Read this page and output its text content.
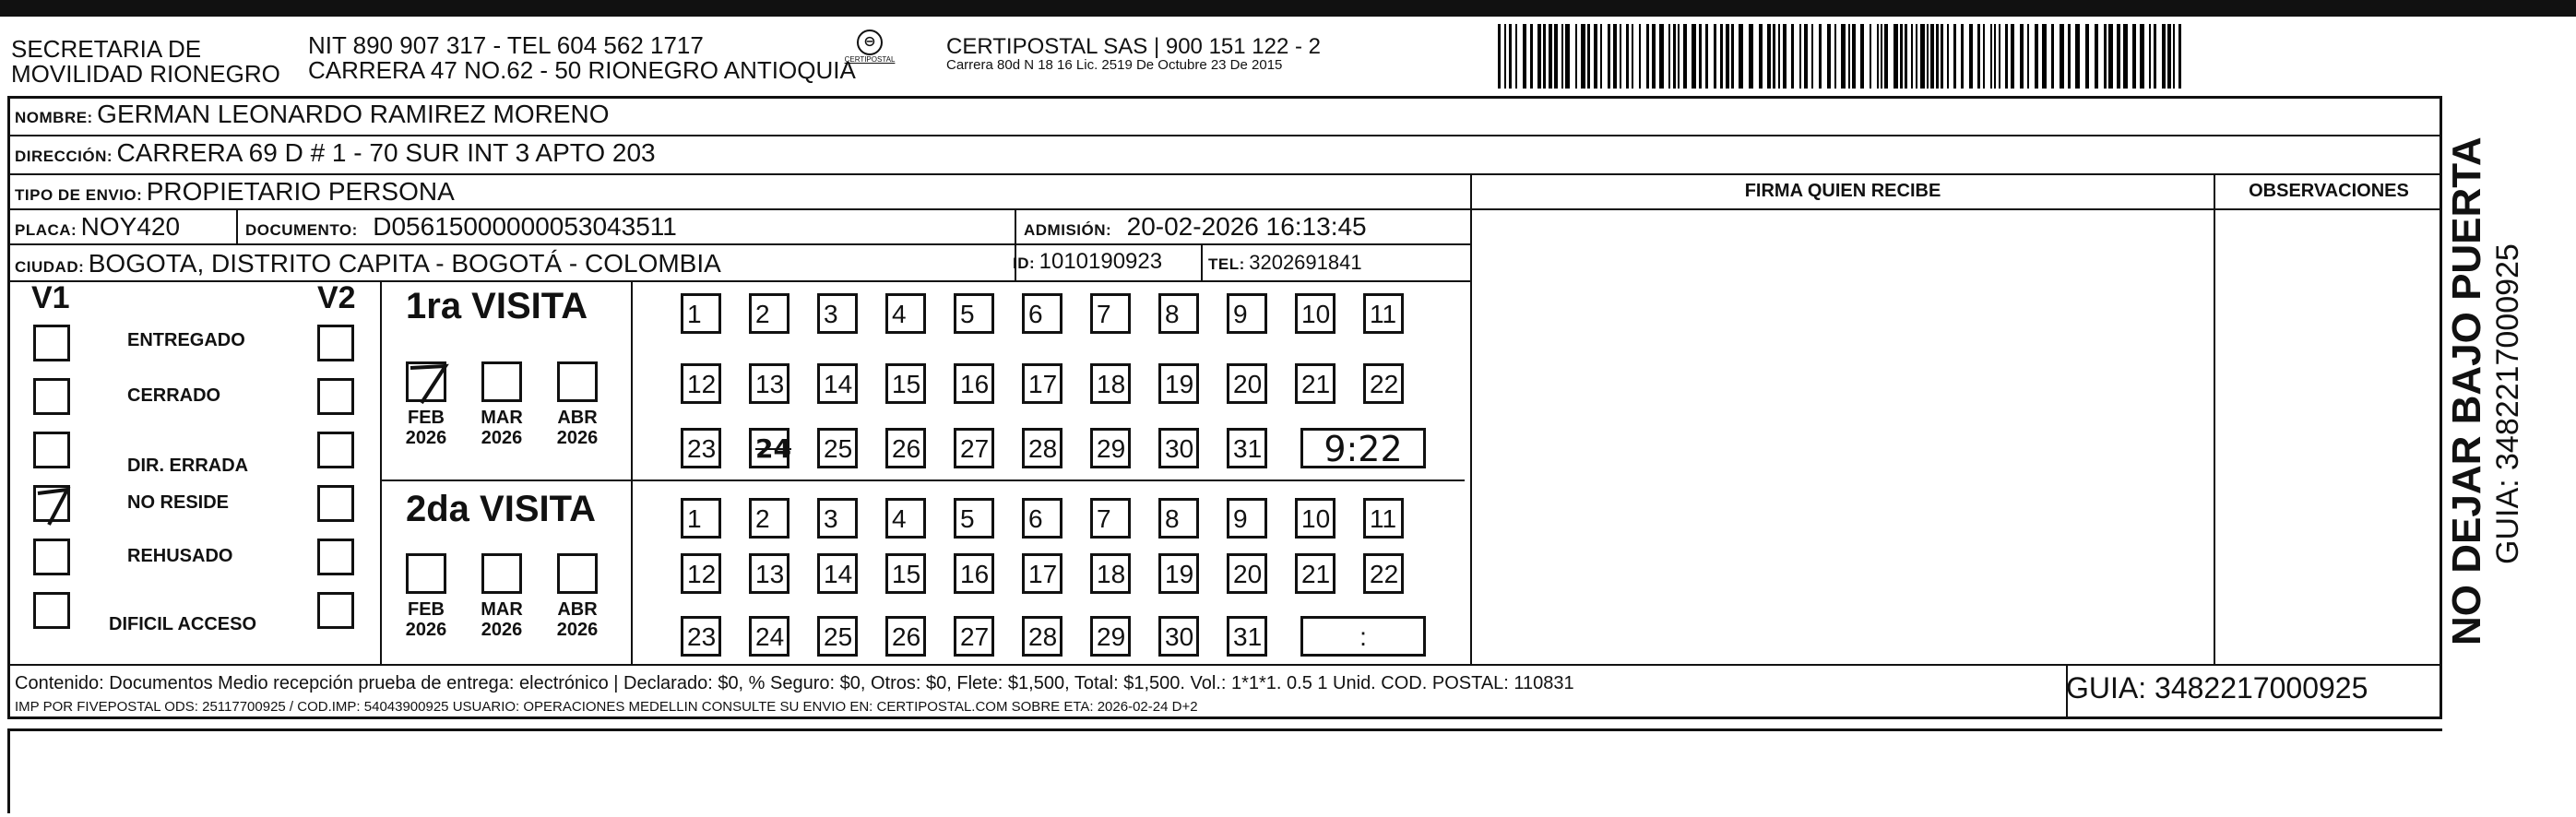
SECRETARIA DE
MOVILIDAD RIONEGRO
NIT 890 907 317 - TEL 604 562 1717
CARRERA 47 NO.62 - 50 RIONEGRO ANTIOQUIA
⊖
CERTIPOSTAL
CERTIPOSTAL SAS | 900 151 122 - 2
Carrera 80d N 18 16 Lic. 2519 De Octubre 23 De 2015
NOMBRE: GERMAN LEONARDO RAMIREZ MORENO
DIRECCIÓN: CARRERA 69 D # 1 - 70 SUR INT 3 APTO 203
TIPO DE ENVIO: PROPIETARIO PERSONA	FIRMA QUIEN RECIBE	OBSERVACIONES
PLACA: NOY420	DOCUMENTO: D05615000000053043511	ADMISIÓN: 20-02-2026 16:13:45
CIUDAD: BOGOTA, DISTRITO CAPITA - BOGOTÁ - COLOMBIA	ID: 1010190923	TEL: 3202691841
V1	V2
ENTREGADO
CERRADO
DIR. ERRADA
NO RESIDE
REHUSADO
DIFICIL ACCESO
1ra VISITA
FEB
2026
MAR
2026
ABR
2026
1	2	3	4	5	6	7	8	9	10 11
12 13 14 15 16 17 18 19 20 21 22
23 24 25 26 27 28 29 30 31	9:22
2da VISITA
FEB
2026
MAR
2026
ABR
2026
1	2	3	4	5	6	7	8	9	10 11
12 13 14 15 16 17 18 19 20 21 22
23 24 25 26 27 28 29 30 31	:
Contenido: Documentos Medio recepción prueba de entrega: electrónico | Declarado: $0, % Seguro: $0, Otros: $0, Flete: $1,500, Total: $1,500. Vol.: 1*1*1. 0.5 1 Unid. COD. POSTAL: 110831
IMP POR FIVEPOSTAL ODS: 25117700925 / COD.IMP: 54043900925 USUARIO: OPERACIONES MEDELLIN CONSULTE SU ENVIO EN: CERTIPOSTAL.COM SOBRE ETA: 2026-02-24 D+2
GUIA: 3482217000925
NO DEJAR BAJO PUERTA GUIA: 3482217000925
